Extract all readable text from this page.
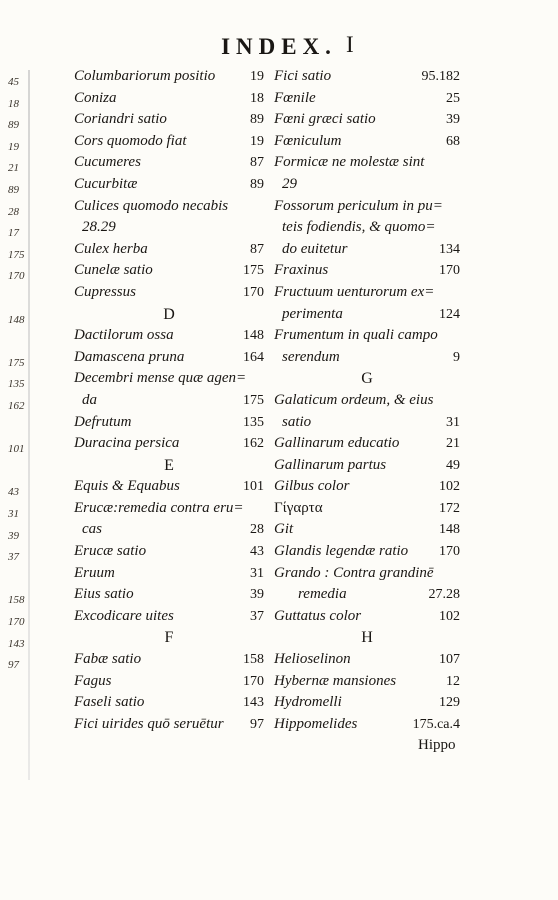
45
18
89
19
21
89
28
17
175
170
148
175
135
162
101
43
31
39
37
158
170
143
97
INDEX. I
Columbariorum positio 19
Coniza	18
Coriandri satio	89
Cors quomodo fiat	19
Cucumeres	87
Cucurbitæ	89
Culices quomodo necabis
28.29
Culex herba	87
Cunelæ satio	175
Cupressus	170
D
Dactilorum ossa	148
Damascena pruna	164
Decembri mense quæ agen=
da	175
Defrutum	135
Duracina persica	162
E
Equis & Equabus	101
Erucæ:remedia contra eru=
cas	28
Erucæ satio	43
Eruum	31
Eius satio	39
Excodicare uites	37
F
Fabæ satio	158
Fagus	170
Faseli satio	143
Fici uirides quō seruētur 97
Fici satio	95.182
Fœnile	25
Fœni græci satio	39
Fœniculum	68
Formicæ ne molestæ sint
29
Fossorum periculum in pu=
teis fodiendis, & quomo=
do euitetur	134
Fraxinus	170
Fructuum uenturorum ex=
perimenta	124
Frumentum in quali campo
serendum	9
G
Galaticum ordeum, & eius
satio	31
Gallinarum educatio	21
Gallinarum partus	49
Gilbus color	102
Γίγαρτα	172
Git	148
Glandis legendæ ratio 170
Grando : Contra grandinē
remedia	27.28
Guttatus color	102
H
Helioselinon	107
Hybernæ mansiones	12
Hydromelli	129
Hippomelides	175.ca.4
Hippo
